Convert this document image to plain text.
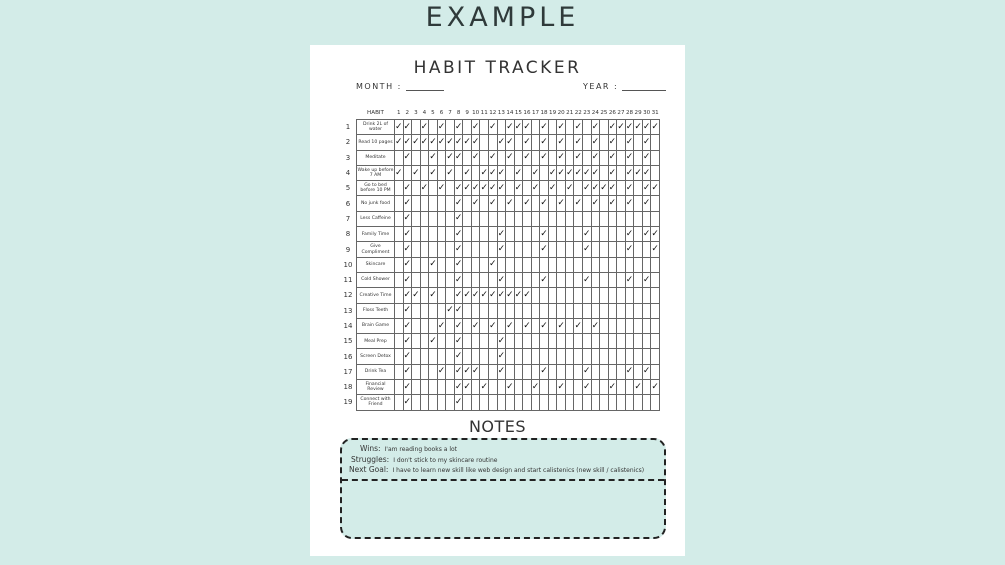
EXAMPLE
HABIT TRACKER
MONTH :	YEAR :
	HABIT	1	2	3	4	5	6	7	8	9	10	11	12	13	14	15	16	17	18	19	20	21	22	23	24	25	26	27	28	29	30	31
1	Drink 2L of water	✓	✓		✓		✓		✓		✓		✓		✓	✓	✓		✓		✓		✓		✓		✓	✓	✓	✓	✓	✓
2	Read 10 pages	✓	✓	✓	✓	✓	✓	✓	✓	✓	✓			✓	✓		✓		✓		✓		✓		✓		✓		✓		✓	
3	Meditate		✓			✓		✓	✓		✓		✓		✓		✓		✓		✓		✓		✓		✓		✓		✓	
4	Wake up before 7 AM	✓		✓		✓		✓		✓		✓	✓	✓		✓		✓		✓	✓	✓	✓	✓	✓		✓		✓	✓	✓	
5	Go to bed before 10 PM		✓		✓		✓		✓	✓	✓	✓	✓	✓		✓		✓		✓		✓		✓	✓	✓	✓		✓		✓	✓
6	No junk food		✓						✓		✓		✓		✓		✓		✓		✓		✓		✓		✓		✓		✓	
7	Less Caffeine		✓						✓																							
8	Family Time		✓						✓					✓					✓					✓					✓		✓	✓
9	Give Compliment		✓						✓					✓					✓					✓					✓			✓
10	Skincare		✓			✓			✓				✓																			
11	Cold Shower		✓						✓					✓					✓					✓					✓		✓	
12	Creative Time		✓	✓		✓			✓	✓	✓	✓	✓	✓	✓	✓	✓															
13	Floss Teeth		✓					✓	✓																							
14	Brain Game		✓				✓		✓		✓		✓		✓		✓		✓		✓		✓		✓							
15	Meal Prep		✓			✓			✓					✓																		
16	Screen Detox		✓						✓					✓																		
17	Drink Tea		✓				✓		✓	✓	✓			✓					✓					✓					✓		✓	
18	Financial Review		✓						✓	✓		✓			✓			✓			✓			✓			✓			✓		✓
19	Connect with Friend		✓						✓																							
NOTES
Wins: I'am reading books a lot
Struggles: I don't stick to my skincare routine
Next Goal: I have to learn new skill like web design and start calistenics (new skill / calistenics)
